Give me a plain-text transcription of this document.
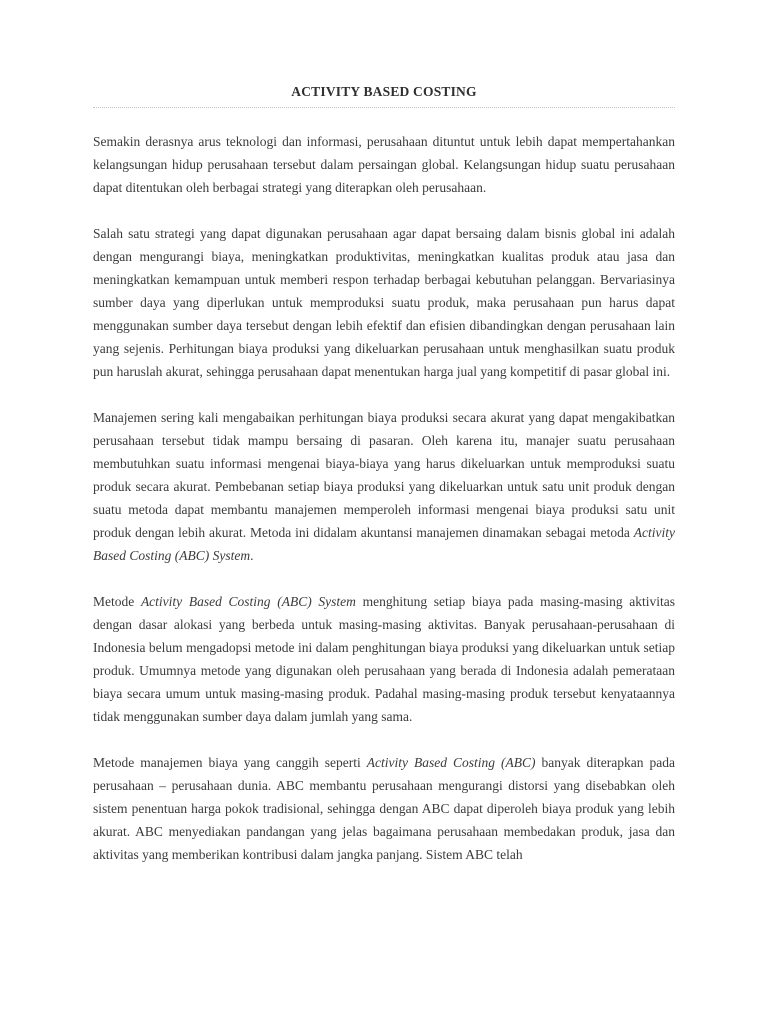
ACTIVITY BASED COSTING

Semakin derasnya arus teknologi dan informasi, perusahaan dituntut untuk lebih dapat mempertahankan kelangsungan hidup perusahaan tersebut dalam persaingan global. Kelangsungan hidup suatu perusahaan dapat ditentukan oleh berbagai strategi yang diterapkan oleh perusahaan.

Salah satu strategi yang dapat digunakan perusahaan agar dapat bersaing dalam bisnis global ini adalah dengan mengurangi biaya, meningkatkan produktivitas, meningkatkan kualitas produk atau jasa dan meningkatkan kemampuan untuk memberi respon terhadap berbagai kebutuhan pelanggan. Bervariasinya sumber daya yang diperlukan untuk memproduksi suatu produk, maka perusahaan pun harus dapat menggunakan sumber daya tersebut dengan lebih efektif dan efisien dibandingkan dengan perusahaan lain yang sejenis. Perhitungan biaya produksi yang dikeluarkan perusahaan untuk menghasilkan suatu produk pun haruslah akurat, sehingga perusahaan dapat menentukan harga jual yang kompetitif di pasar global ini.

Manajemen sering kali mengabaikan perhitungan biaya produksi secara akurat yang dapat mengakibatkan perusahaan tersebut tidak mampu bersaing di pasaran. Oleh karena itu, manajer suatu perusahaan membutuhkan suatu informasi mengenai biaya-biaya yang harus dikeluarkan untuk memproduksi suatu produk secara akurat. Pembebanan setiap biaya produksi yang dikeluarkan untuk satu unit produk dengan suatu metoda dapat membantu manajemen memperoleh informasi mengenai biaya produksi satu unit produk dengan lebih akurat. Metoda ini didalam akuntansi manajemen dinamakan sebagai metoda Activity Based Costing (ABC) System.

Metode Activity Based Costing (ABC) System menghitung setiap biaya pada masing-masing aktivitas dengan dasar alokasi yang berbeda untuk masing-masing aktivitas. Banyak perusahaan-perusahaan di Indonesia belum mengadopsi metode ini dalam penghitungan biaya produksi yang dikeluarkan untuk setiap produk. Umumnya metode yang digunakan oleh perusahaan yang berada di Indonesia adalah pemerataan biaya secara umum untuk masing-masing produk. Padahal masing-masing produk tersebut kenyataannya tidak menggunakan sumber daya dalam jumlah yang sama.

Metode manajemen biaya yang canggih seperti Activity Based Costing (ABC) banyak diterapkan pada perusahaan – perusahaan dunia. ABC membantu perusahaan mengurangi distorsi yang disebabkan oleh sistem penentuan harga pokok tradisional, sehingga dengan ABC dapat diperoleh biaya produk yang lebih akurat. ABC menyediakan pandangan yang jelas bagaimana perusahaan membedakan produk, jasa dan aktivitas yang memberikan kontribusi dalam jangka panjang. Sistem ABC telah
